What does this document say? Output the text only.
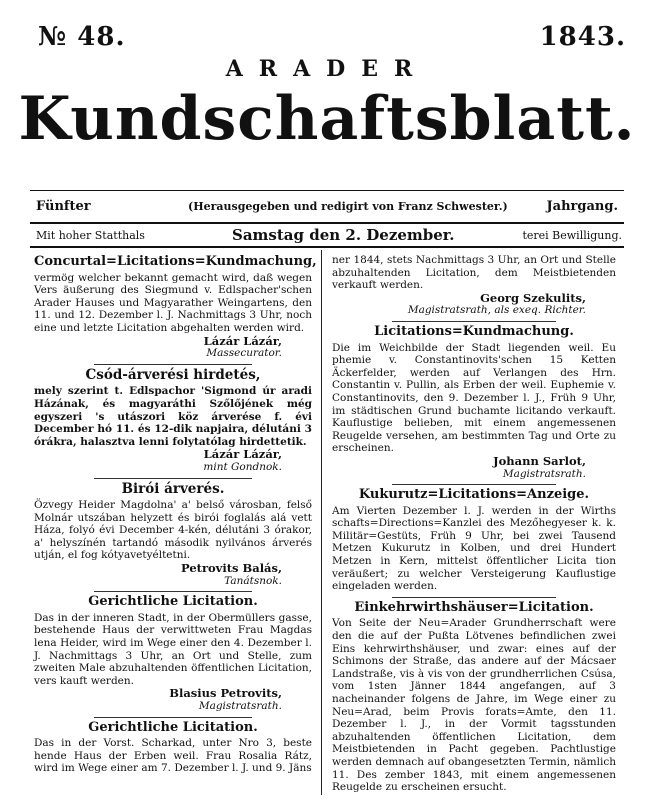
№ 48.	1843.
ARADER
Kundschaftsblatt.
Fünfter	(Herausgegeben und redigirt von Franz Schwester.)	Jahrgang.
Mit hoher Statthals	Samstag den 2. Dezember.	terei Bewilligung.
Concurtal=Licitations=Kundmachung,

vermög welcher bekannt gemacht wird, daß wegen Vers äußerung des Siegmund v. Edlspacher'schen Arader Hauses und Magyarather Weingartens, den 11. und 12. Dezember l. J. Nachmittags 3 Uhr, noch eine und letzte Licitation abgehalten werden wird.

Lázár Lázár,
Massecurator.
Csód-árverési hirdetés,

mely szerint t. Edlspachor 'Sigmond úr aradi Házának, és magyaráthi Szőlőjének még egyszeri 's utászori köz árverése f. évi December hó 11. és 12-dik napjaira, délutáni 3 órákra, halasztva lenni folytatólag hirdettetik.

Lázár Lázár,
mint Gondnok.
Birói árverés.

Özvegy Heider Magdolna' a' belső városban, felső Molnár utszában helyzett és birói foglalás alá vett Háza, folyó évi December 4-kén, délutáni 3 órakor, a' helyszínén tartandó második nyilvános árverés utján, el fog kótyavetyéltetni.

Petrovits Balás,
Tanátsnok.
Gerichtliche Licitation.

Das in der inneren Stadt, in der Obermüllers gasse, bestehende Haus der verwittweten Frau Magdas lena Heider, wird im Wege einer den 4. Dezember l. J. Nachmittags 3 Uhr, an Ort und Stelle, zum zweiten Male abzuhaltenden öffentlichen Licitation, vers kauft werden.

Blasius Petrovits,
Magistratsrath.
Gerichtliche Licitation.

Das in der Vorst. Scharkad, unter Nro 3, beste hende Haus der Erben weil. Frau Rosalia Rátz, wird im Wege einer am 7. Dezember l. J. und 9. Jäns

ner 1844, stets Nachmittags 3 Uhr, an Ort und Stelle abzuhaltenden Licitation, dem Meistbietenden verkauft werden.

Georg Szekulits,
Magistratsrath, als exeq. Richter.
Licitations=Kundmachung.

Die im Weichbilde der Stadt liegenden weil. Eu phemie v. Constantinovits'schen 15 Ketten Äckerfelder, werden auf Verlangen des Hrn. Constantin v. Pullin, als Erben der weil. Euphemie v. Constantinovits, den 9. Dezember l. J., Früh 9 Uhr, im städtischen Grund buchamte licitando verkauft. Kauflustige belieben, mit einem angemessenen Reugelde versehen, am bestimmten Tag und Orte zu erscheinen.

Johann Sarlot,
Magistratsrath.
Kukurutz=Licitations=Anzeige.

Am Vierten Dezember l. J. werden in der Wirths schafts=Directions=Kanzlei des Mezőhegyeser k. k. Militär=Gestüts, Früh 9 Uhr, bei zwei Tausend Metzen Kukurutz in Kolben, und drei Hundert Metzen in Kern, mittelst öffentlicher Licita tion veräußert; zu welcher Versteigerung Kauflustige eingeladen werden.

Einkehrwirthshäuser=Licitation.

Von Seite der Neu=Arader Grundherrschaft were den die auf der Pußta Lötvenes befindlichen zwei Eins kehrwirthshäuser, und zwar: eines auf der Schimons der Straße, das andere auf der Mácsaer Landstraße, vis à vis von der grundherrlichen Csúsa, vom 1sten Jänner 1844 angefangen, auf 3 nacheinander folgens de Jahre, im Wege einer zu Neu=Arad, beim Provis forats=Amte, den 11. Dezember l. J., in der Vormit tagsstunden abzuhaltenden öffentlichen Licitation, dem Meistbietenden in Pacht gegeben. Pachtlustige werden demnach auf obangesetzten Termin, nämlich 11. Des zember 1843, mit einem angemessenen Reugelde zu erscheinen ersucht.
